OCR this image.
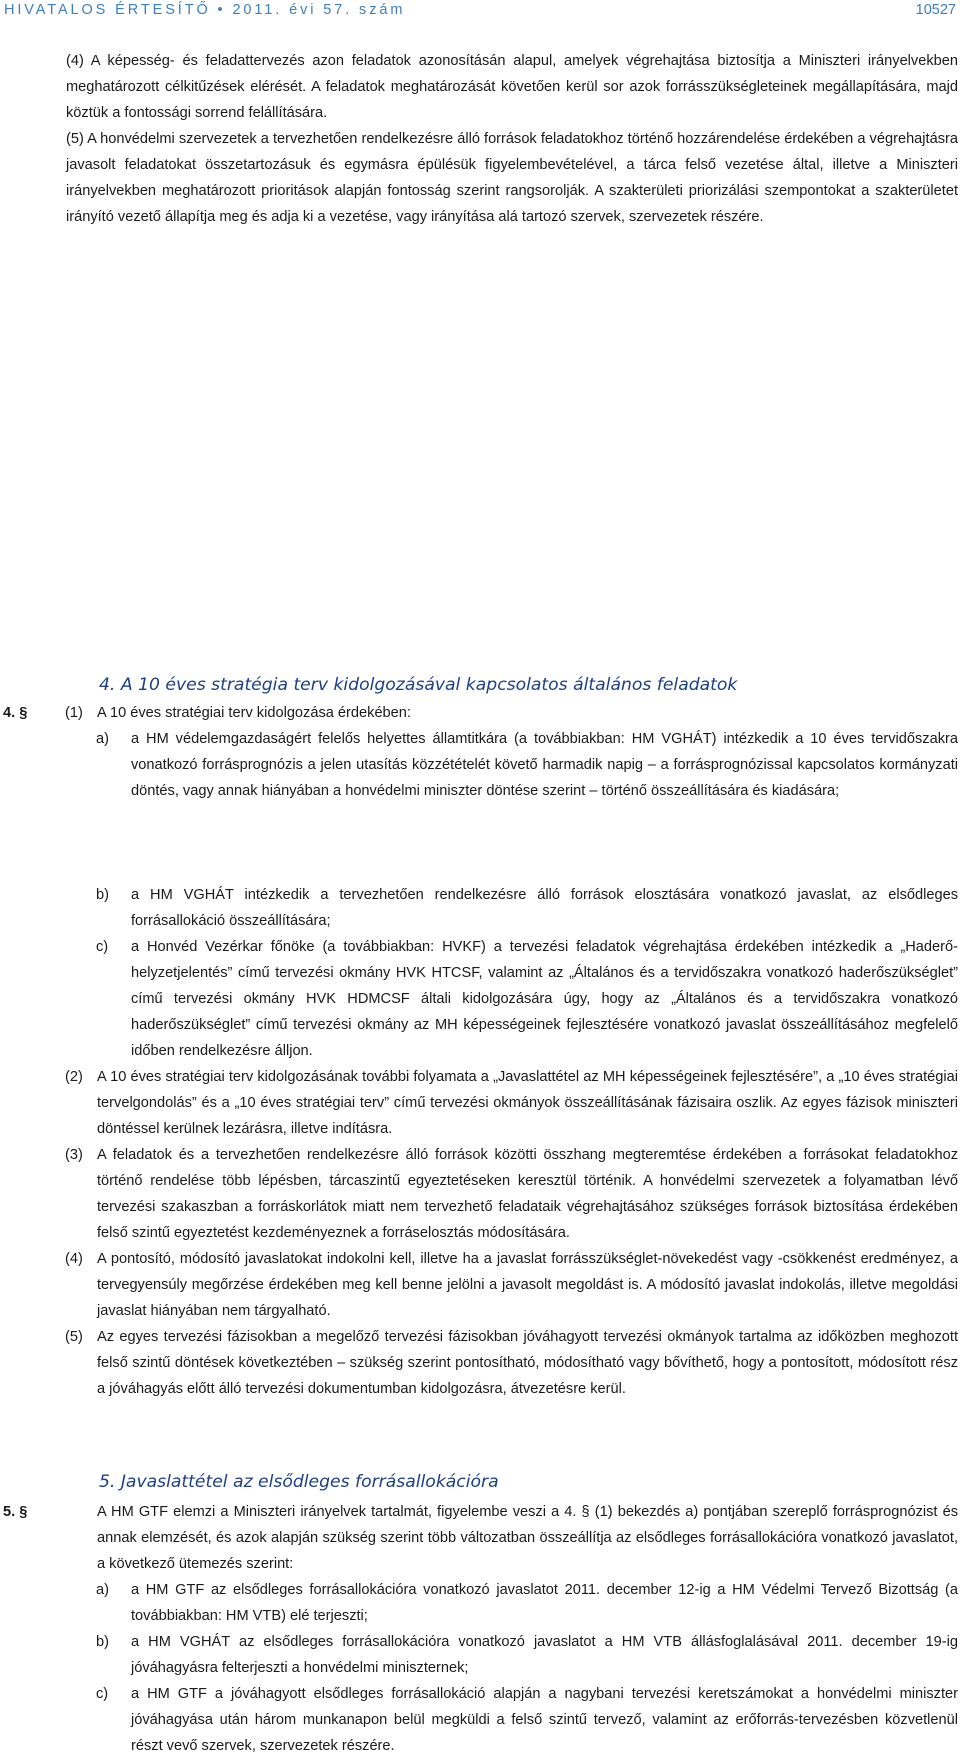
HIVATALOS ÉRTESÍTŐ • 2011. évi 57. szám	10527

(4) A képesség- és feladattervezés azon feladatok azonosításán alapul, amelyek végrehajtása biztosítja a Miniszteri irányelvekben meghatározott célkitűzések elérését. A feladatok meghatározását követően kerül sor azok forrásszükségleteinek megállapítására, majd köztük a fontossági sorrend felállítására.

(5) A honvédelmi szervezetek a tervezhetően rendelkezésre álló források feladatokhoz történő hozzárendelése érdekében a végrehajtásra javasolt feladatokat összetartozásuk és egymásra épülésük figyelembevételével, a tárca felső vezetése által, illetve a Miniszteri irányelvekben meghatározott prioritások alapján fontosság szerint rangsorolják. A szakterületi priorizálási szempontokat a szakterületet irányító vezető állapítja meg és adja ki a vezetése, vagy irányítása alá tartozó szervek, szervezetek részére.

4. A 10 éves stratégia terv kidolgozásával kapcsolatos általános feladatok
4. §	(1) A 10 éves stratégiai terv kidolgozása érdekében:
a) a HM védelemgazdaságért felelős helyettes államtitkára (a továbbiakban: HM VGHÁT) intézkedik a 10 éves tervidőszakra vonatkozó forrásprognózis a jelen utasítás közzétételét követő harmadik napig – a forrásprognózissal kapcsolatos kormányzati döntés, vagy annak hiányában a honvédelmi miniszter döntése szerint – történő összeállítására és kiadására;
b) a HM VGHÁT intézkedik a tervezhetően rendelkezésre álló források elosztására vonatkozó javaslat, az elsődleges forrásallokáció összeállítására;
c) a Honvéd Vezérkar főnöke (a továbbiakban: HVKF) a tervezési feladatok végrehajtása érdekében intézkedik a „Haderő-helyzetjelentés” című tervezési okmány HVK HTCSF, valamint az „Általános és a tervidőszakra vonatkozó haderőszükséglet” című tervezési okmány HVK HDMCSF általi kidolgozására úgy, hogy az „Általános és a tervidőszakra vonatkozó haderőszükséglet” című tervezési okmány az MH képességeinek fejlesztésére vonatkozó javaslat összeállításához megfelelő időben rendelkezésre álljon.
(2) A 10 éves stratégiai terv kidolgozásának további folyamata a „Javaslattétel az MH képességeinek fejlesztésére”, a „10 éves stratégiai tervelgondolás” és a „10 éves stratégiai terv” című tervezési okmányok összeállításának fázisaira oszlik. Az egyes fázisok miniszteri döntéssel kerülnek lezárásra, illetve indításra.
(3) A feladatok és a tervezhetően rendelkezésre álló források közötti összhang megteremtése érdekében a forrásokat feladatokhoz történő rendelése több lépésben, tárcaszintű egyeztetéseken keresztül történik. A honvédelmi szervezetek a folyamatban lévő tervezési szakaszban a forráskorlátok miatt nem tervezhető feladataik végrehajtásához szükséges források biztosítása érdekében felső szintű egyeztetést kezdeményeznek a forráselosztás módosítására.
(4) A pontosító, módosító javaslatokat indokolni kell, illetve ha a javaslat forrásszükséglet-növekedést vagy -csökkenést eredményez, a tervegyensúly megőrzése érdekében meg kell benne jelölni a javasolt megoldást is. A módosító javaslat indokolás, illetve megoldási javaslat hiányában nem tárgyalható.
(5) Az egyes tervezési fázisokban a megelőző tervezési fázisokban jóváhagyott tervezési okmányok tartalma az időközben meghozott felső szintű döntések következtében – szükség szerint pontosítható, módosítható vagy bővíthető, hogy a pontosított, módosított rész a jóváhagyás előtt álló tervezési dokumentumban kidolgozásra, átvezetésre kerül.
5. Javaslattétel az elsődleges forrásallokációra
5. §	A HM GTF elemzi a Miniszteri irányelvek tartalmát, figyelembe veszi a 4. § (1) bekezdés a) pontjában szereplő forrásprognózist és annak elemzését, és azok alapján szükség szerint több változatban összeállítja az elsődleges forrásallokációra vonatkozó javaslatot, a következő ütemezés szerint:
a) a HM GTF az elsődleges forrásallokációra vonatkozó javaslatot 2011. december 12-ig a HM Védelmi Tervező Bizottság (a továbbiakban: HM VTB) elé terjeszti;
b) a HM VGHÁT az elsődleges forrásallokációra vonatkozó javaslatot a HM VTB állásfoglalásával 2011. december 19-ig jóváhagyásra felterjeszti a honvédelmi miniszternek;
c) a HM GTF a jóváhagyott elsődleges forrásallokáció alapján a nagybani tervezési keretszámokat a honvédelmi miniszter jóváhagyása után három munkanapon belül megküldi a felső szintű tervező, valamint az erőforrás-tervezésben közvetlenül részt vevő szervek, szervezetek részére.
